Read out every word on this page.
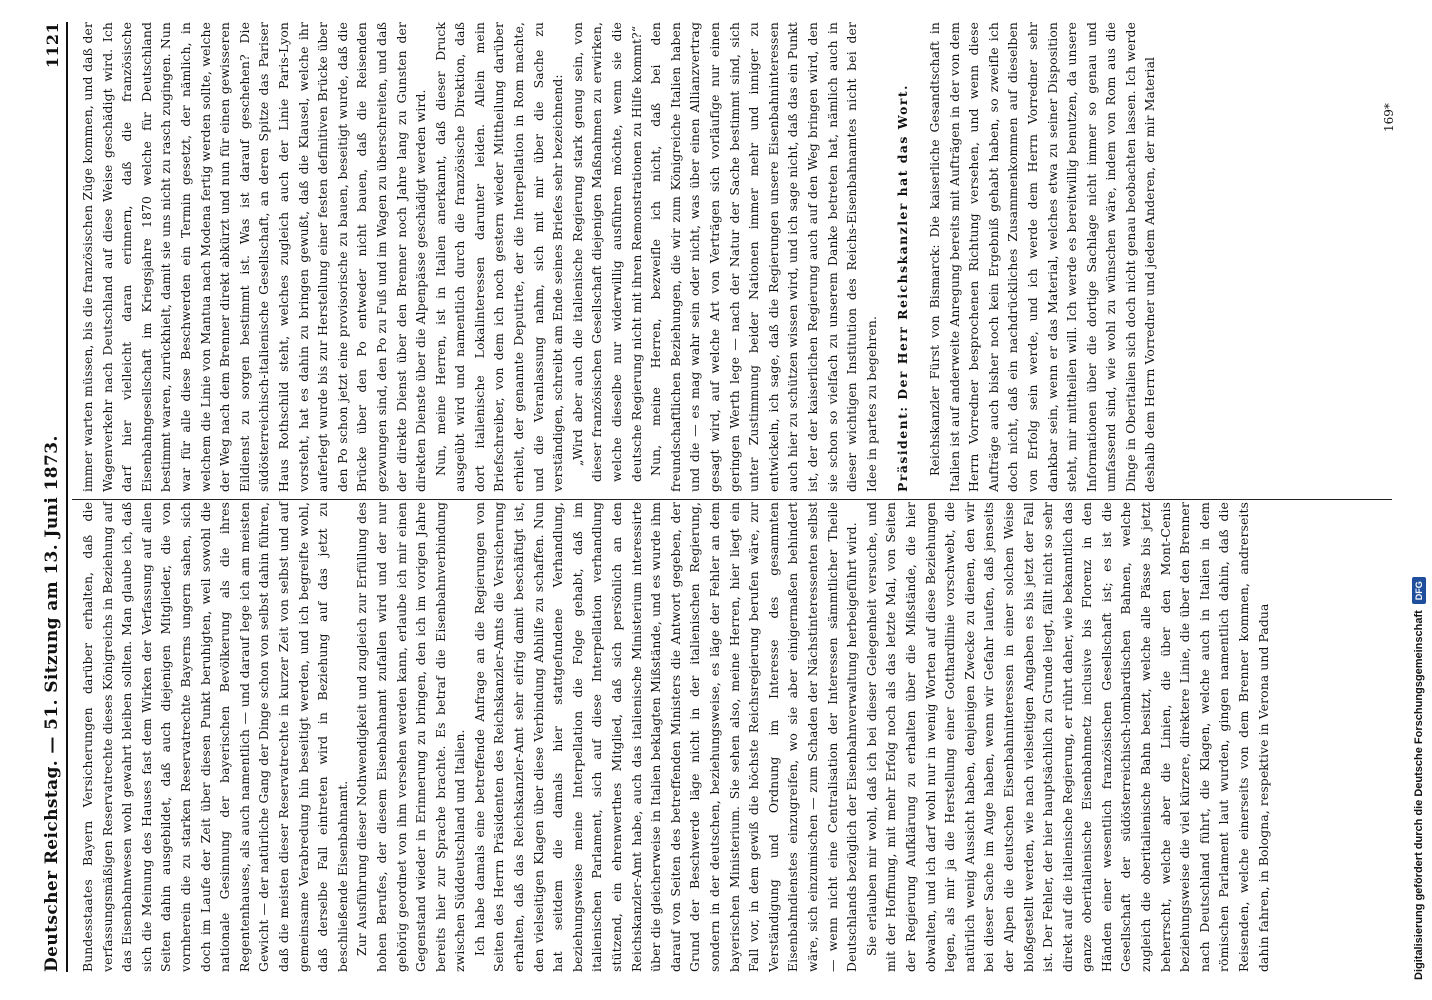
Deutscher Reichstag. — 51. Sitzung am 13. Juni 1873.
1121

Bundesstaates Bayern Versicherungen darüber erhalten, daß die verfassungsmäßigen Reservatrechte dieses Königreichs in Beziehung auf das Eisenbahnwesen wohl gewahrt bleiben sollten. Man glaube ich, daß sich die Meinung des Hauses fast dem Wirken der Verfassung auf allen Seiten dahin ausgebildet, daß auch diejenigen Mitglieder, die von vornherein die zu starken Reservatrechte Bayerns ungern sahen, sich doch im Laufe der Zeit über diesen Punkt beruhigten, weil sowohl die nationale Gesinnung der bayerischen Bevölkerung als die ihres Regentenhauses, als auch namentlich — und darauf lege ich am meisten Gewicht — der natürliche Gang der Dinge schon von selbst dahin führen, daß die meisten dieser Reservatrechte in kurzer Zeit von selbst und auf gemeinsame Verabredung hin beseitigt werden, und ich begreifte wohl, daß derselbe Fall eintreten wird in Beziehung auf das jetzt zu beschließende Eisenbahnamt. Zur Ausführung dieser Nothwendigkeit und zugleich zur Erfüllung des hohen Berufes, der diesem Eisenbahnamt zufallen wird und der nur gehörig geordnet von ihm versehen werden kann, erlaube ich mir einen Gegenstand wieder in Erinnerung zu bringen, den ich im vorigen Jahre bereits hier zur Sprache brachte. Es betraf die Eisenbahnverbindung zwischen Süddeutschland und Italien. Ich habe damals eine betreffende Anfrage an die Regierungen von Seiten des Herrn Präsidenten des Reichskanzler-Amts die Versicherung erhalten, daß das Reichskanzler-Amt sehr eifrig damit beschäftigt ist, den vielseitigen Klagen über diese Verbindung Abhilfe zu schaffen. Nun hat seitdem die damals hier stattgefundene Verhandlung, beziehungsweise meine Interpellation die Folge gehabt, daß im italienischen Parlament, sich auf diese Interpellation verhandlung stützend, ein ehrenwerthes Mitglied, daß sich persönlich an den Reichskanzler-Amt habe, auch das italienische Ministerium interessirte über die gleicherweise in Italien beklagten Mißstände, und es wurde ihm darauf von Seiten des betreffenden Ministers die Antwort gegeben, der Grund der Beschwerde läge nicht in der italienischen Regierung, sondern in der deutschen, beziehungsweise, es läge der Fehler an dem bayerischen Ministerium. Sie sehen also, meine Herren, hier liegt ein Fall vor, in dem gewiß die höchste Reichsregierung berufen wäre, zur Verständigung und Ordnung im Interesse des gesammten Eisenbahndienstes einzugreifen, wo sie aber einigermaßen behindert wäre, sich einzumischen — zum Schaden der Nächstinteressenten selbst — wenn nicht eine Centralisation der Interessen sämmtlicher Theile Deutschlands bezüglich der Eisenbahnverwaltung herbeigeführt wird. Sie erlauben mir wohl, daß ich bei dieser Gelegenheit versuche, und mit der Hoffnung, mit mehr Erfolg noch als das letzte Mal, von Seiten der Regierung Aufklärung zu erhalten über die Mißstände, die hier obwalten, und ich darf wohl nur in wenig Worten auf diese Beziehungen legen, als mir ja die Herstellung einer Gotthardlinie vorschwebt, die natürlich wenig Aussicht haben, denjenigen Zwecke zu dienen, den wir bei dieser Sache im Auge haben, wenn wir Gefahr laufen, daß jenseits der Alpen die deutschen Eisenbahninteressen in einer solchen Weise bloßgestellt werden, wie nach vielseitigen Angaben es bis jetzt der Fall ist. Der Fehler, der hier hauptsächlich zu Grunde liegt, fällt nicht so sehr direkt auf die italienische Regierung, er rührt daher, wie bekanntlich das ganze oberitalienische Eisenbahnnetz inclusive bis Florenz in den Händen einer wesentlich französischen Gesellschaft ist; es ist die Gesellschaft der südösterreichisch-lombardischen Bahnen, welche zugleich die oberitalienische Bahn besitzt, welche alle Pässe bis jetzt beherrscht, welche aber die Linien, die über den Mont-Cenis beziehungsweise die viel kürzere, direktere Linie, die über den Brenner nach Deutschland führt, die Klagen, welche auch in Italien in dem römischen Parlament laut wurden, gingen namentlich dahin, daß die Reisenden, welche einerseits von dem Brenner kommen, andrerseits dahin fahren, in Bologna, respektive in Verona und Padua

immer warten müssen, bis die französischen Züge kommen, und daß der Wagenverkehr nach Deutschland auf diese Weise geschädigt wird. Ich darf hier vielleicht daran erinnern, daß die französische Eisenbahngesellschaft im Kriegsjahre 1870 welche für Deutschland bestimmt waren, zurückhielt, damit sie uns nicht zu rasch zugingen. Nun war für alle diese Beschwerden ein Termin gesetzt, der nämlich, in welchem die Linie von Mantua nach Modena fertig werden sollte, welche der Weg nach dem Brenner direkt abkürzt und nun für einen gewisseren Eildienst zu sorgen bestimmt ist. Was ist darauf geschehen? Die südösterreichisch-italienische Gesellschaft, an deren Spitze das Pariser Haus Rothschild steht, welches zugleich auch der Linie Paris-Lyon vorsteht, hat es dahin zu bringen gewußt, daß die Klausel, welche ihr auferlegt wurde bis zur Herstellung einer festen definitiven Brücke über den Po schon jetzt eine provisorische zu bauen, beseitigt wurde, daß die Brücke über den Po entweder nicht bauen, daß die Reisenden gezwungen sind, den Po zu Fuß und im Wagen zu überschreiten, und daß der direkte Dienst über den Brenner noch Jahre lang zu Gunsten der direkten Dienste über die Alpenpässe geschädigt werden wird. Nun, meine Herren, ist in Italien anerkannt, daß dieser Druck ausgeübt wird und namentlich durch die französische Direktion, daß dort italienische Lokalinteressen darunter leiden. Allein mein Briefschreiber, von dem ich noch gestern wieder Mittheilung darüber erhielt, der genannte Deputirte, der die Interpellation in Rom machte, und die Veranlassung nahm, sich mit mir über die Sache zu verständigen, schreibt am Ende seines Briefes sehr bezeichnend: „Wird aber auch die italienische Regierung stark genug sein, von dieser französischen Gesellschaft diejenigen Maßnahmen zu erwirken, welche dieselbe nur widerwillig ausführen möchte, wenn sie die deutsche Regierung nicht mit ihren Remonstrationen zu Hilfe kommt?“ Nun, meine Herren, bezweifle ich nicht, daß bei den freundschaftlichen Beziehungen, die wir zum Königreiche Italien haben und die — es mag wahr sein oder nicht, was über einen Allianzvertrag gesagt wird, auf welche Art von Verträgen sich vorläufige nur einen geringen Werth lege — nach der Natur der Sache bestimmt sind, sich unter Zustimmung beider Nationen immer mehr und inniger zu entwickeln, ich sage, daß die Regierungen unsere Eisenbahninteressen auch hier zu schützen wissen wird, und ich sage nicht, daß das ein Punkt ist, der der kaiserlichen Regierung auch auf den Weg bringen wird, den sie schon so vielfach zu unserem Danke betreten hat, nämlich auch in dieser wichtigen Institution des Reichs-Eisenbahnamtes nicht bei der Idee in partes zu begehren. Präsident: Der Herr Reichskanzler hat das Wort. Reichskanzler Fürst von Bismarck: Die kaiserliche Gesandtschaft in Italien ist auf anderweite Anregung bereits mit Aufträgen in der von dem Herrn Vorredner besprochenen Richtung versehen, und wenn diese Aufträge auch bisher noch kein Ergebniß gehabt haben, so zweifle ich doch nicht, daß ein nachdrückliches Zusammenkommen auf dieselben von Erfolg sein werde, und ich werde dem Herrn Vorredner sehr dankbar sein, wenn er das Material, welches etwa zu seiner Disposition steht, mir mittheilen will. Ich werde es bereitwillig benutzen, da unsere Informationen über die dortige Sachlage nicht immer so genau und umfassend sind, wie wohl zu wünschen wäre, indem von Rom aus die Dinge in Oberitalien sich doch nicht genau beobachten lassen. Ich werde deshalb dem Herrn Vorredner und jedem Anderen, der mir Material	169*
Digitalisierung gefördert durch die Deutsche Forschungsgemeinschaft
DFG
